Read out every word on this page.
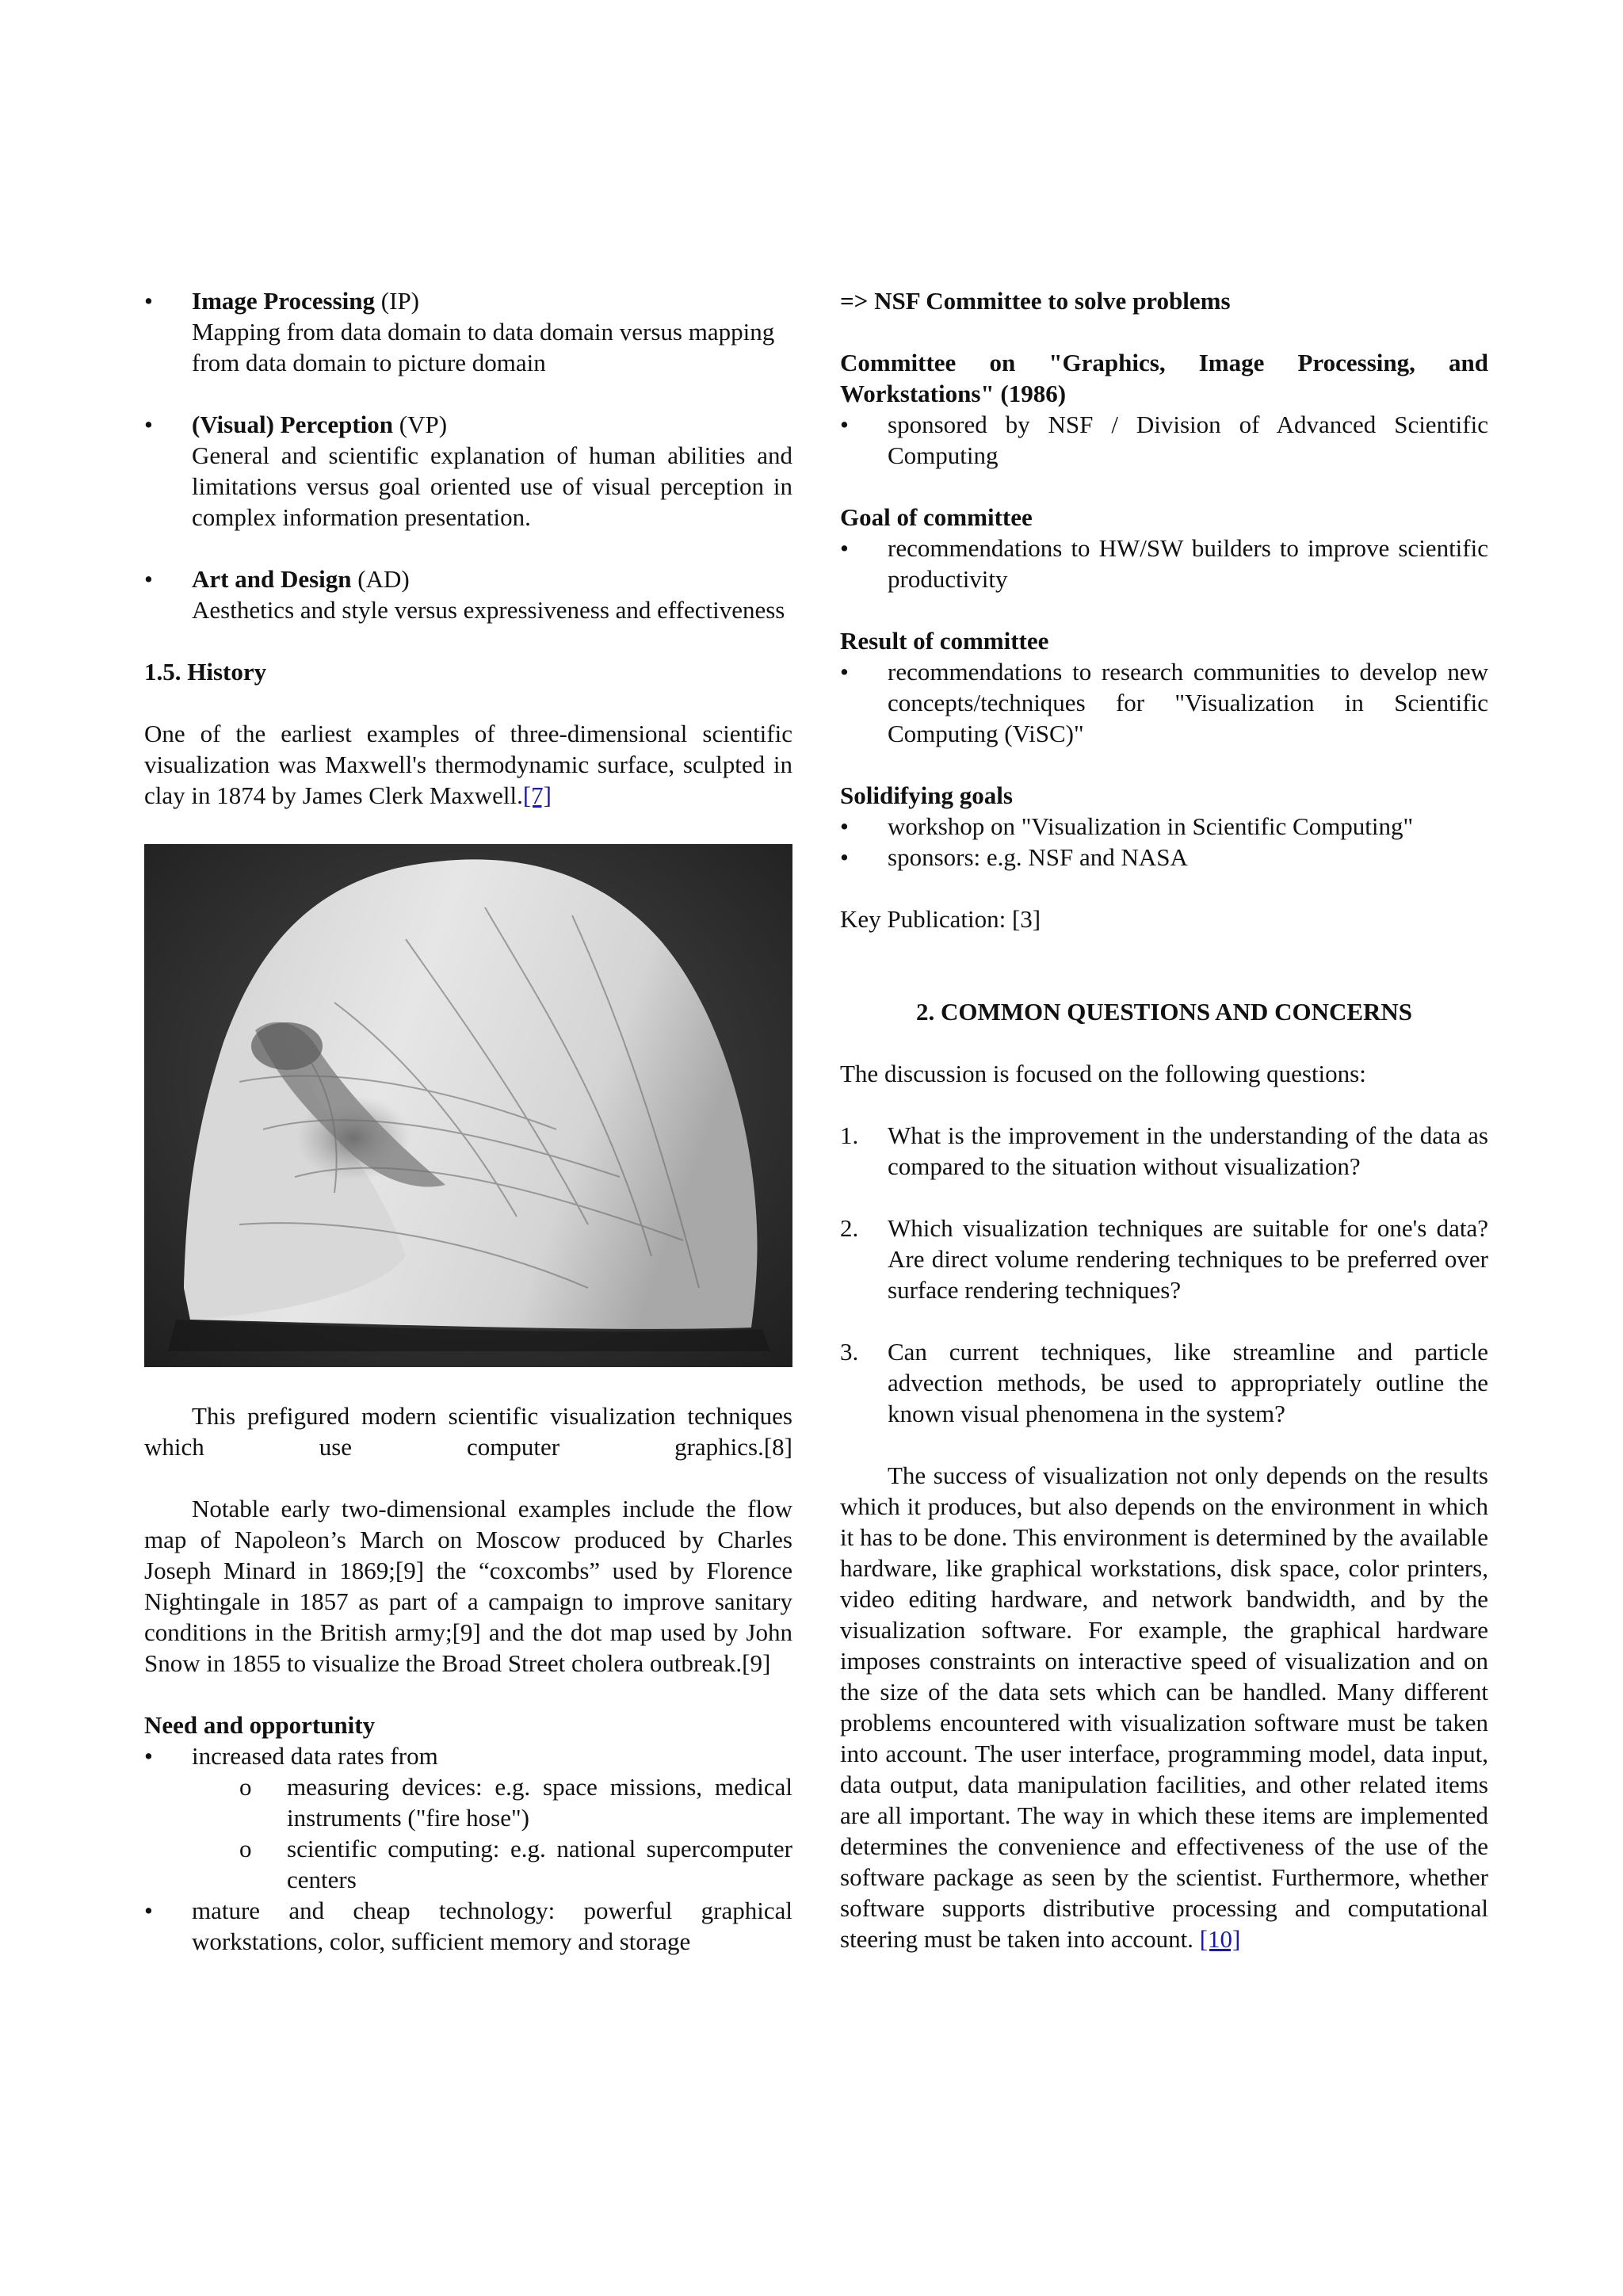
•	Image Processing (IP)

Mapping from data domain to data domain versus mapping from data domain to picture domain

•	(Visual) Perception (VP)

General and scientific explanation of human abilities and limitations versus goal oriented use of visual perception in complex information presentation.

•	Art and Design (AD)

Aesthetics and style versus expressiveness and effectiveness

1.5. History

One of the earliest examples of three-dimensional scientific visualization was Maxwell's thermodynamic surface, sculpted in clay in 1874 by James Clerk Maxwell.[7]

This prefigured modern scientific visualization techniques which use computer graphics.[8]

Notable early two-dimensional examples include the flow map of Napoleon’s March on Moscow produced by Charles Joseph Minard in 1869;[9] the “coxcombs” used by Florence Nightingale in 1857 as part of a campaign to improve sanitary conditions in the British army;[9] and the dot map used by John Snow in 1855 to visualize the Broad Street cholera outbreak.[9]

Need and opportunity

•	increased data rates from

o measuring devices: e.g. space missions, medical instruments ("fire hose")

o scientific computing: e.g. national supercomputer centers

•	mature and cheap technology: powerful graphical workstations, color, sufficient memory and storage

=> NSF Committee to solve problems

Committee on "Graphics, Image Processing, and Workstations" (1986)

•	sponsored by NSF / Division of Advanced Scientific Computing

Goal of committee

•	recommendations to HW/SW builders to improve scientific productivity

Result of committee

•	recommendations to research communities to develop new concepts/techniques for "Visualization in Scientific Computing (ViSC)"

Solidifying goals

•	workshop on "Visualization in Scientific Computing"

•	sponsors: e.g. NSF and NASA

Key Publication: [3]

2. COMMON QUESTIONS AND CONCERNS

The discussion is focused on the following questions:

1. What is the improvement in the understanding of the data as compared to the situation without visualization?

2. Which visualization techniques are suitable for one's data? Are direct volume rendering techniques to be preferred over surface rendering techniques?

3. Can current techniques, like streamline and particle advection methods, be used to appropriately outline the known visual phenomena in the system?

The success of visualization not only depends on the results which it produces, but also depends on the environment in which it has to be done. This environment is determined by the available hardware, like graphical workstations, disk space, color printers, video editing hardware, and network bandwidth, and by the visualization software. For example, the graphical hardware imposes constraints on interactive speed of visualization and on the size of the data sets which can be handled. Many different problems encountered with visualization software must be taken into account. The user interface, programming model, data input, data output, data manipulation facilities, and other related items are all important. The way in which these items are implemented determines the convenience and effectiveness of the use of the software package as seen by the scientist. Furthermore, whether software supports distributive processing and computational steering must be taken into account. [10]
